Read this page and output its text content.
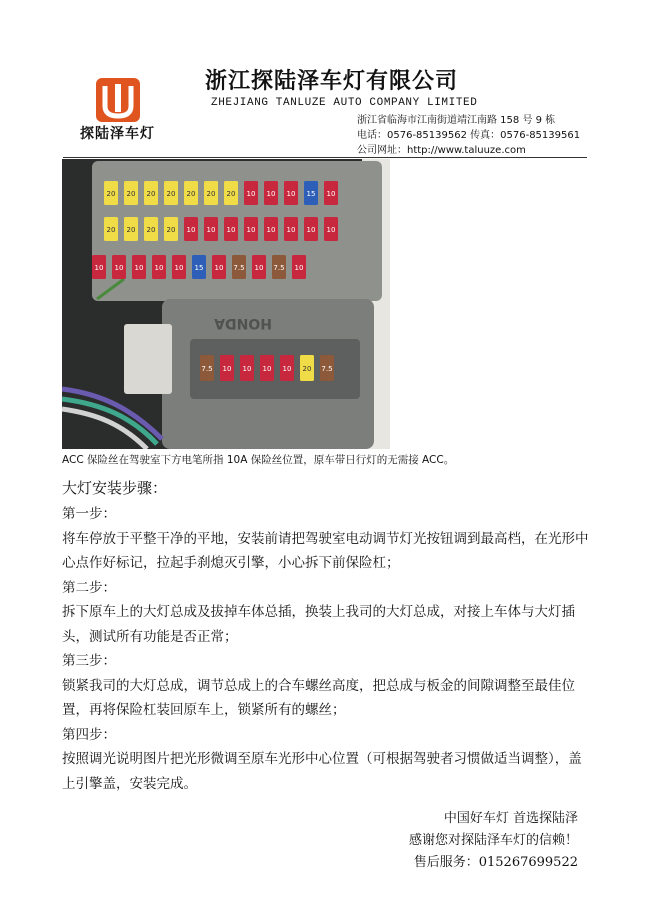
探陆泽车灯
浙江探陆泽车灯有限公司
ZHEJIANG TANLUZE AUTO COMPANY LIMITED
浙江省临海市江南街道靖江南路 158 号 9 栋
电话：0576-85139562 传真：0576-85139561
公司网址：http://www.taluuze.com
HONDA
20 20 20 20 20 20 20 10 10 10 15 10
20 20 20 20 10 10 10 10 10 10 10 10
10 10 10 10 10 15 10 7.5 10 7.5 10
7.5 10 10 10 10 20 7.5
ACC 保险丝在驾驶室下方电笔所指 10A 保险丝位置，原车带日行灯的无需接 ACC。
大灯安装步骤：

第一步：

将车停放于平整干净的平地，安装前请把驾驶室电动调节灯光按钮调到最高档，在光形中心点作好标记，拉起手刹熄灭引擎，小心拆下前保险杠；

第二步：

拆下原车上的大灯总成及拔掉车体总插，换装上我司的大灯总成，对接上车体与大灯插头，测试所有功能是否正常；

第三步：

锁紧我司的大灯总成，调节总成上的合车螺丝高度，把总成与板金的间隙调整至最佳位置，再将保险杠装回原车上，锁紧所有的螺丝；

第四步：

按照调光说明图片把光形微调至原车光形中心位置（可根据驾驶者习惯做适当调整），盖上引擎盖，安装完成。

中国好车灯 首选探陆泽
感谢您对探陆泽车灯的信赖！
售后服务：015267699522
